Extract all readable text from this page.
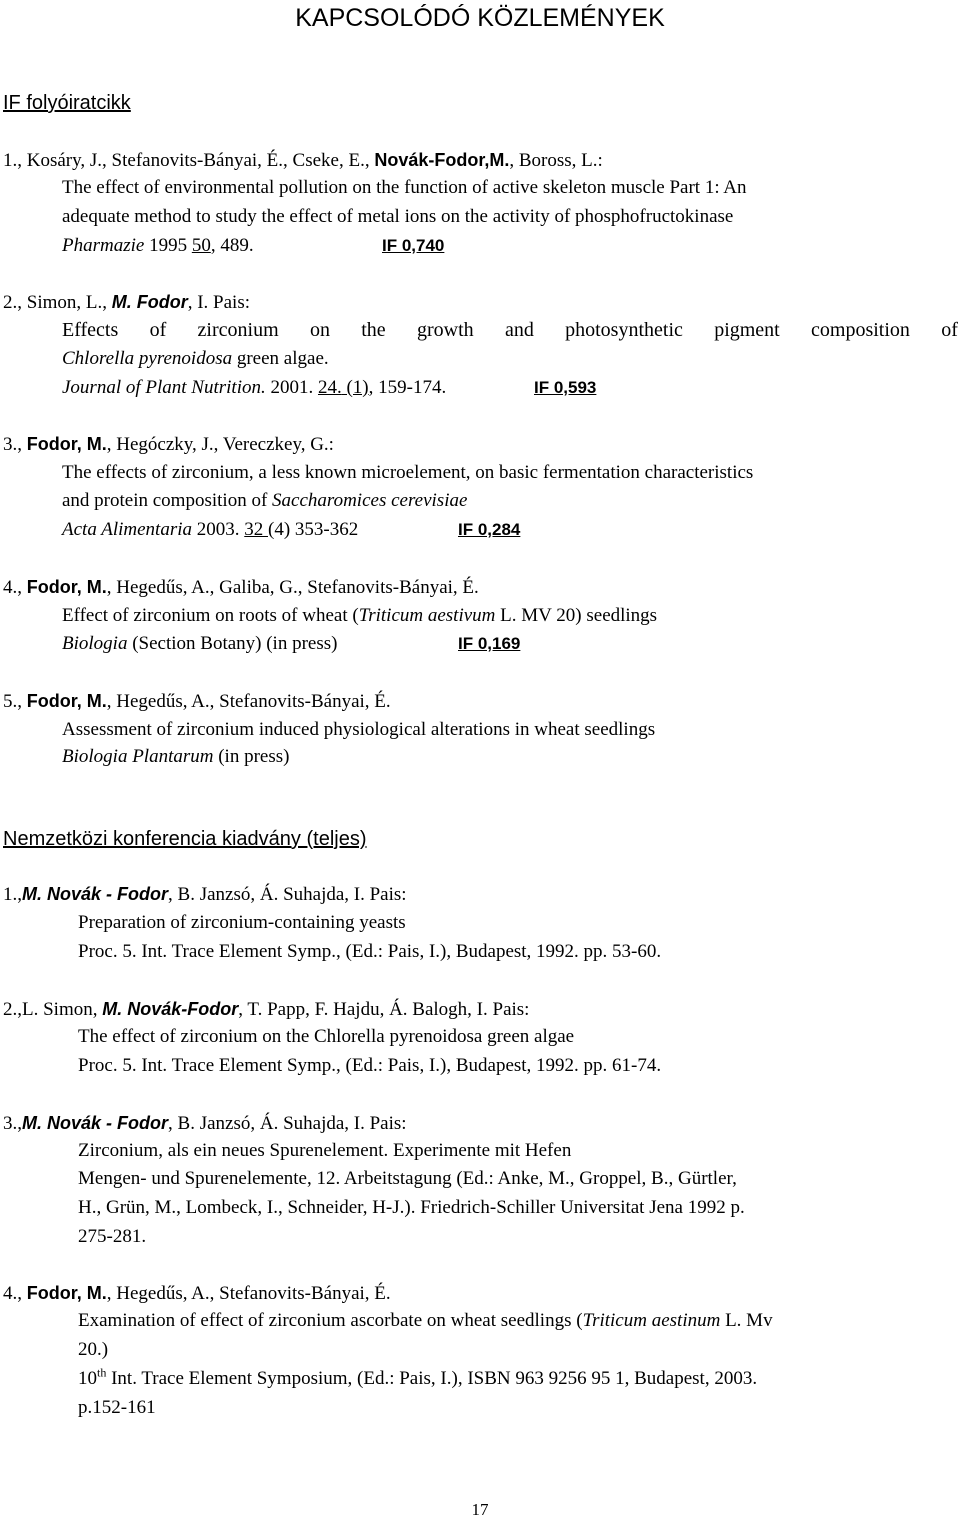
KAPCSOLÓDÓ KÖZLEMÉNYEK
IF folyóiratcikk
1., Kosáry, J., Stefanovits-Bányai, É., Cseke, E., Novák-Fodor,M., Boross, L.:
The effect of environmental pollution on the function of active skeleton muscle Part 1: An
adequate method to study the effect of metal ions on the activity of phosphofructokinase
Pharmazie 1995 50, 489.	IF 0,740
2., Simon, L., M. Fodor, I. Pais:
Effects of zirconium on the growth and photosynthetic pigment composition of
Chlorella pyrenoidosa green algae.
Journal of Plant Nutrition. 2001. 24. (1), 159-174.	IF 0,593
3., Fodor, M., Hegóczky, J., Vereczkey, G.:
The effects of zirconium, a less known microelement, on basic fermentation characteristics
and protein composition of Saccharomices cerevisiae
Acta Alimentaria 2003. 32 (4) 353-362	IF 0,284
4., Fodor, M., Hegedűs, A., Galiba, G., Stefanovits-Bányai, É.
Effect of zirconium on roots of wheat (Triticum aestivum L. MV 20) seedlings
Biologia (Section Botany) (in press)	IF 0,169
5., Fodor, M., Hegedűs, A., Stefanovits-Bányai, É.
Assessment of zirconium induced physiological alterations in wheat seedlings
Biologia Plantarum (in press)
Nemzetközi konferencia kiadvány (teljes)
1.,M. Novák - Fodor, B. Janzsó, Á. Suhajda, I. Pais:
Preparation of zirconium-containing yeasts
Proc. 5. Int. Trace Element Symp., (Ed.: Pais, I.), Budapest, 1992. pp. 53-60.
2.,L. Simon, M. Novák-Fodor, T. Papp, F. Hajdu, Á. Balogh, I. Pais:
The effect of zirconium on the Chlorella pyrenoidosa green algae
Proc. 5. Int. Trace Element Symp., (Ed.: Pais, I.), Budapest, 1992. pp. 61-74.
3.,M. Novák - Fodor, B. Janzsó, Á. Suhajda, I. Pais:
Zirconium, als ein neues Spurenelement. Experimente mit Hefen
Mengen- und Spurenelemente, 12. Arbeitstagung (Ed.: Anke, M., Groppel, B., Gürtler,
H., Grün, M., Lombeck, I., Schneider, H-J.). Friedrich-Schiller Universitat Jena 1992 p.
275-281.
4., Fodor, M., Hegedűs, A., Stefanovits-Bányai, É.
Examination of effect of zirconium ascorbate on wheat seedlings (Triticum aestinum L. Mv
20.)
10th Int. Trace Element Symposium, (Ed.: Pais, I.), ISBN 963 9256 95 1, Budapest, 2003.
p.152-161
17
